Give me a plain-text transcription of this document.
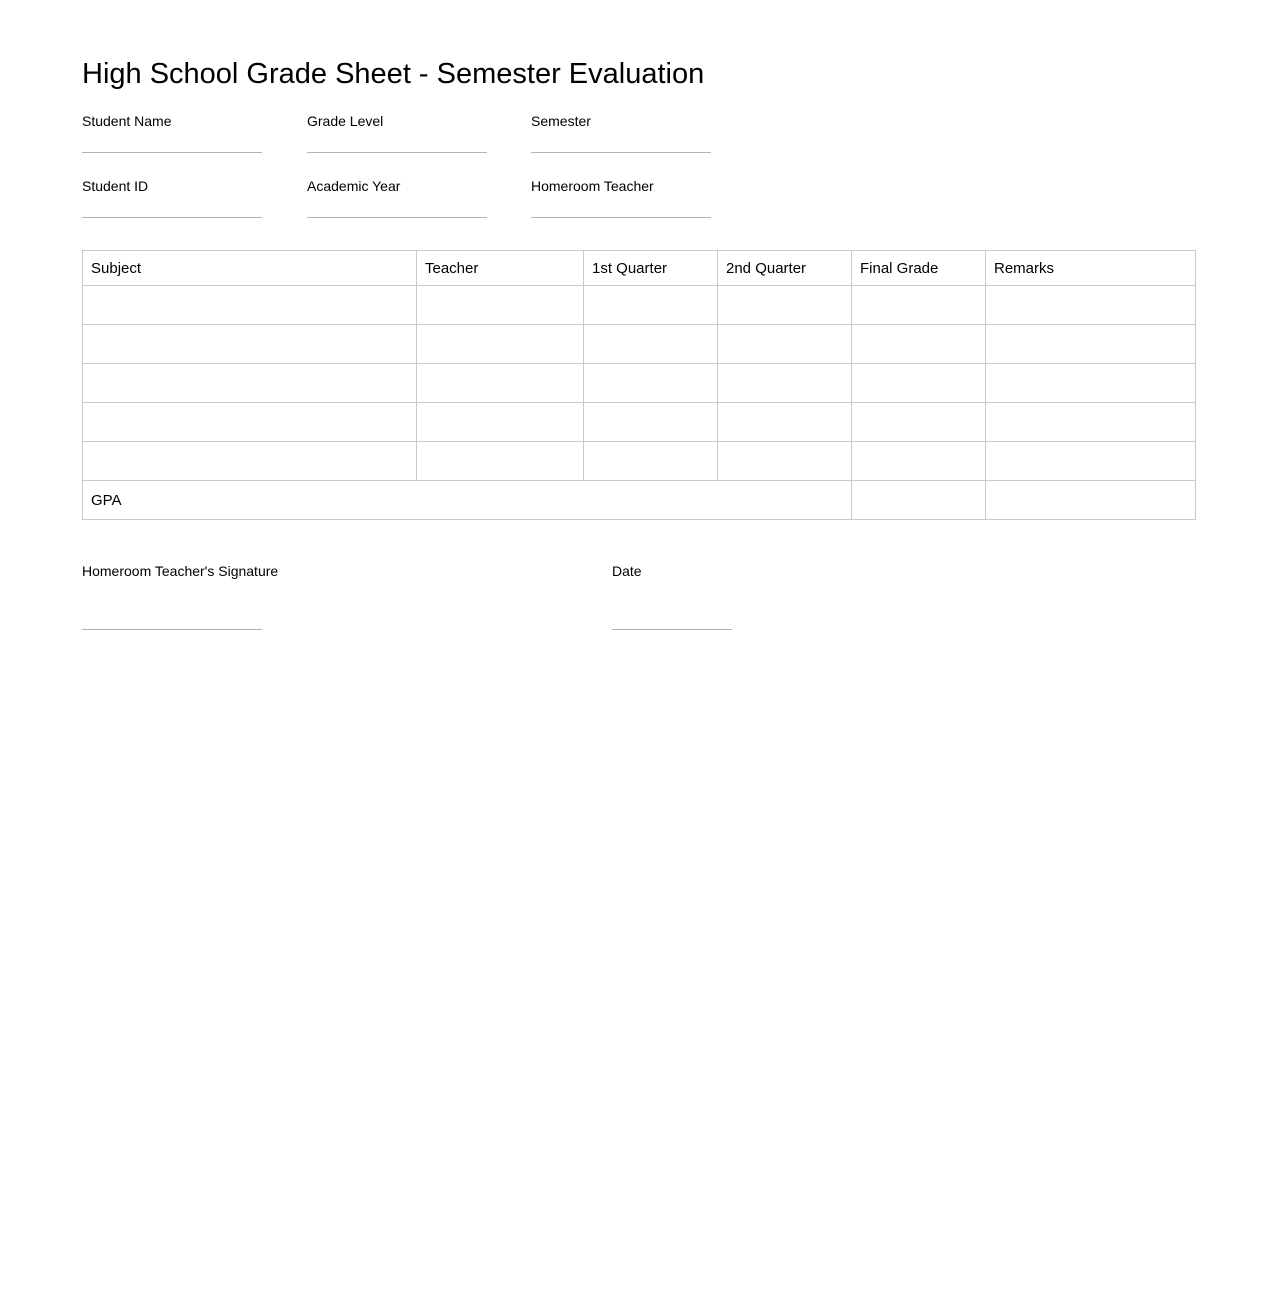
High School Grade Sheet - Semester Evaluation
Student Name	Grade Level	Semester
Student ID	Academic Year	Homeroom Teacher
Subject	Teacher	1st Quarter	2nd Quarter	Final Grade	Remarks

GPA					
Homeroom Teacher's Signature	Date
